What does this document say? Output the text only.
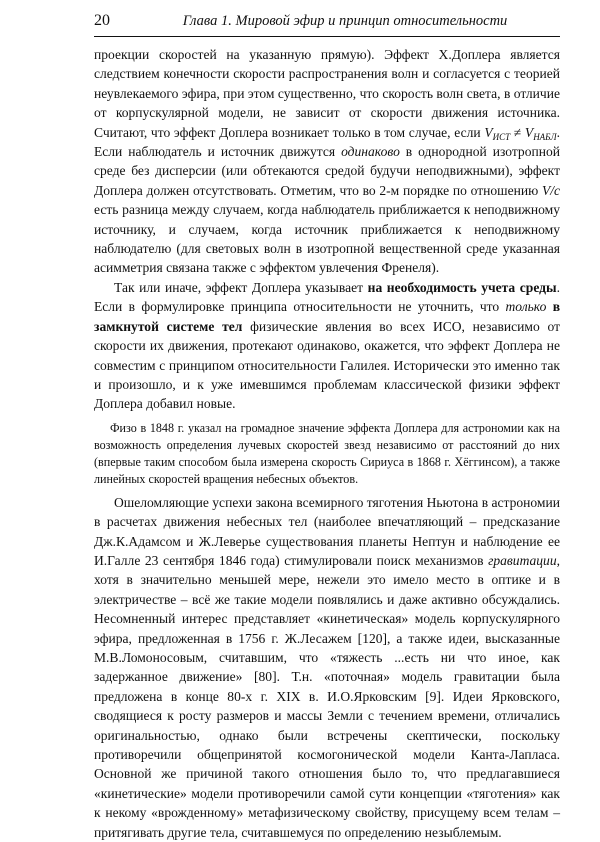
20	Глава 1. Мировой эфир и принцип относительности

проекции скоростей на указанную прямую). Эффект Х.Доплера является следствием конечности скорости распространения волн и согласуется с теорией неувлекаемого эфира, при этом существенно, что скорость волн света, в отличие от корпускулярной модели, не зависит от скорости движения источника. Считают, что эффект Доплера возникает только в том случае, если $V_{ИСТ} \ne V_{НАБЛ}$. Если наблюдатель и источник движутся одинаково в однородной изотропной среде без дисперсии (или обтекаются средой будучи неподвижными), эффект Доплера должен отсутствовать. Отметим, что во 2-м порядке по отношению V/c есть разница между случаем, когда наблюдатель приближается к неподвижному источнику, и случаем, когда источник приближается к неподвижному наблюдателю (для световых волн в изотропной вещественной среде указанная асимметрия связана также с эффектом увлечения Френеля).

Так или иначе, эффект Доплера указывает на необходимость учета среды. Если в формулировке принципа относительности не уточнить, что только в замкнутой системе тел физические явления во всех ИСО, независимо от скорости их движения, протекают одинаково, окажется, что эффект Доплера не совместим с принципом относительности Галилея. Исторически это именно так и произошло, и к уже имевшимся проблемам классической физики эффект Доплера добавил новые.

Физо в 1848 г. указал на громадное значение эффекта Доплера для астрономии как на возможность определения лучевых скоростей звезд независимо от расстояний до них (впервые таким способом была измерена скорость Сириуса в 1868 г. Хёггинсом), а также линейных скоростей вращения небесных объектов.

Ошеломляющие успехи закона всемирного тяготения Ньютона в астрономии в расчетах движения небесных тел (наиболее впечатляющий – предсказание Дж.К.Адамсом и Ж.Леверье существования планеты Нептун и наблюдение ее И.Галле 23 сентября 1846 года) стимулировали поиск механизмов гравитации, хотя в значительно меньшей мере, нежели это имело место в оптике и в электричестве – всё же такие модели появлялись и даже активно обсуждались. Несомненный интерес представляет «кинетическая» модель корпускулярного эфира, предложенная в 1756 г. Ж.Лесажем [120], а также идеи, высказанные М.В.Ломоносовым, считавшим, что «тяжесть ...есть ни что иное, как задержанное движение» [80]. Т.н. «поточная» модель гравитации была предложена в конце 80-х г. XIX в. И.О.Ярковским [9]. Идеи Ярковского, сводящиеся к росту размеров и массы Земли с течением времени, отличались оригинальностью, однако были встречены скептически, поскольку противоречили общепринятой космогонической модели Канта-Лапласа. Основной же причиной такого отношения было то, что предлагавшиеся «кинетические» модели противоречили самой сути концепции «тяготения» как к некому «врожденному» метафизическому свойству, присущему всем телам – притягивать другие тела, считавшемуся по определению незыблемым.
